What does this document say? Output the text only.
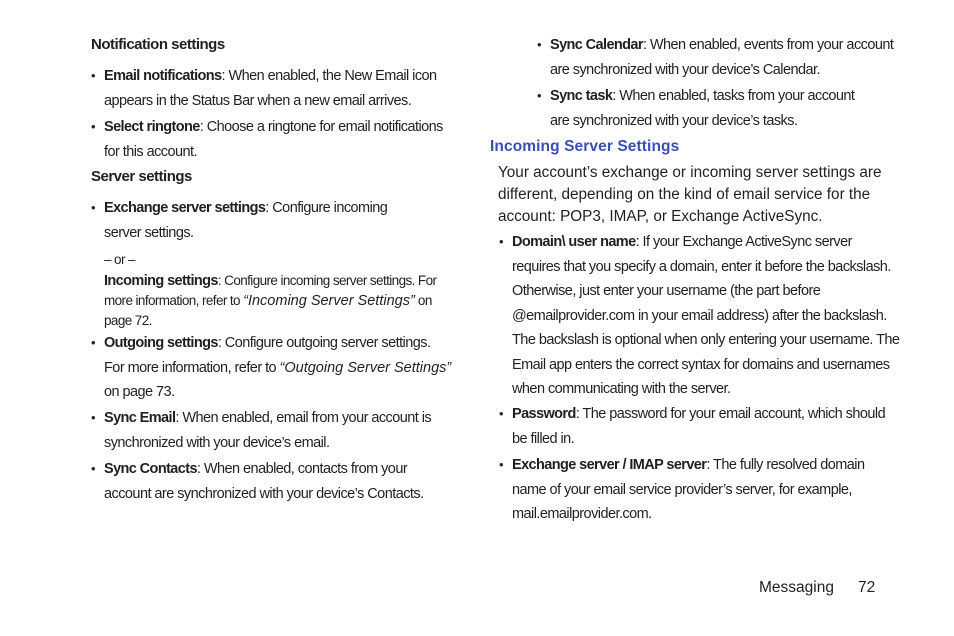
Notification settings
• Email notifications: When enabled, the New Email icon appears in the Status Bar when a new email arrives.
• Select ringtone: Choose a ringtone for email notifications for this account.
Server settings
• Exchange server settings: Configure incoming server settings.
– or –
Incoming settings: Configure incoming server settings. For more information, refer to “Incoming Server Settings” on page 72.
• Outgoing settings: Configure outgoing server settings. For more information, refer to “Outgoing Server Settings” on page 73.
• Sync Email: When enabled, email from your account is synchronized with your device’s email.
• Sync Contacts: When enabled, contacts from your account are synchronized with your device’s Contacts.
• Sync Calendar: When enabled, events from your account are synchronized with your device’s Calendar.
• Sync task: When enabled, tasks from your account are synchronized with your device’s tasks.
Incoming Server Settings
Your account’s exchange or incoming server settings are different, depending on the kind of email service for the account: POP3, IMAP, or Exchange ActiveSync.
• Domain\ user name: If your Exchange ActiveSync server requires that you specify a domain, enter it before the backslash. Otherwise, just enter your username (the part before @emailprovider.com in your email address) after the backslash. The backslash is optional when only entering your username. The Email app enters the correct syntax for domains and usernames when communicating with the server.
• Password: The password for your email account, which should be filled in.
• Exchange server / IMAP server: The fully resolved domain name of your email service provider’s server, for example, mail.emailprovider.com.
Messaging 72
